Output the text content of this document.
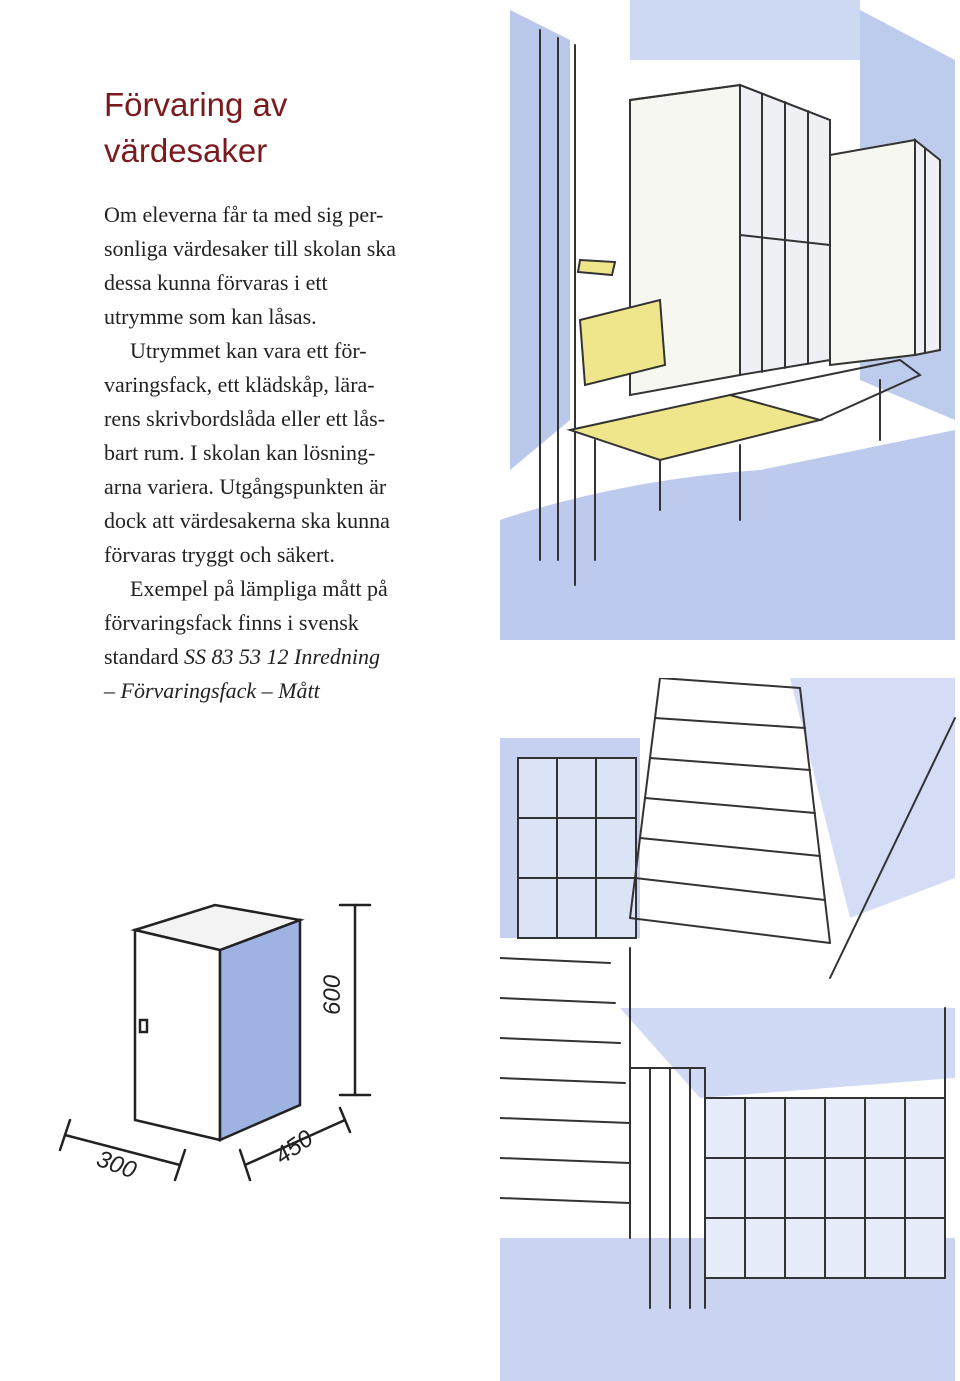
Förvaring av
värdesaker
Om eleverna får ta med sig per-
sonliga värdesaker till skolan ska
dessa kunna förvaras i ett
utrymme som kan låsas.
Utrymmet kan vara ett för-
varingsfack, ett klädskåp, lära-
rens skrivbordslåda eller ett lås-
bart rum. I skolan kan lösning-
arna variera. Utgångspunkten är
dock att värdesakerna ska kunna
förvaras tryggt och säkert.
Exempel på lämpliga mått på
förvaringsfack finns i svensk
standard SS 83 53 12 Inredning
– Förvaringsfack – Mått
600
450
300
